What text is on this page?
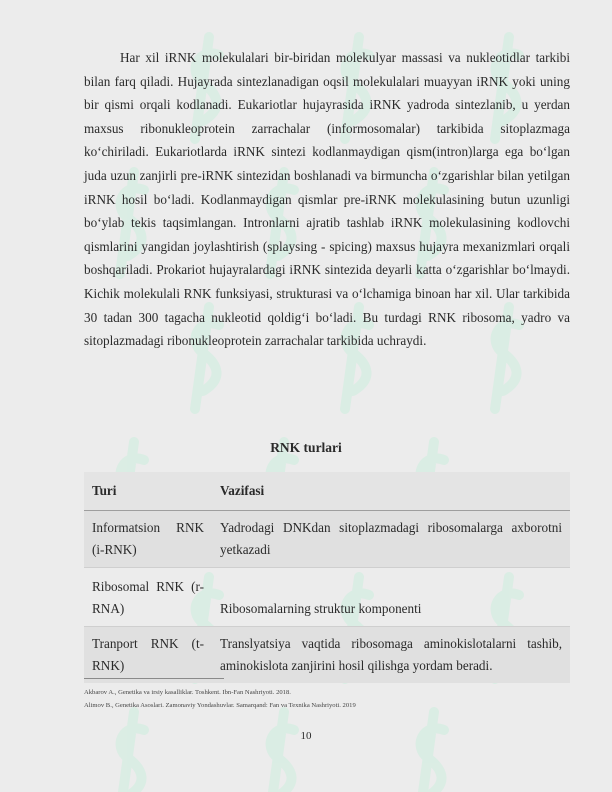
Har xil iRNK molekulalari bir-biridan molekulyar massasi va nukleotidlar tarkibi bilan farq qiladi. Hujayrada sintezlanadigan oqsil molekulalari muayyan iRNK yoki uning bir qismi orqali kodlanadi. Eukariotlar hujayrasida iRNK yadroda sintezlanib, u yerdan maxsus ribonukleoprotein zarrachalar (informosomalar) tarkibida sitoplazmaga ko‘chiriladi. Eukariotlarda iRNK sintezi kodlanmaydigan qism(intron)larga ega bo‘lgan juda uzun zanjirli pre-iRNK sintezidan boshlanadi va birmuncha o‘zgarishlar bilan yetilgan iRNK hosil bo‘ladi. Kodlanmaydigan qismlar pre-iRNK molekulasining butun uzunligi bo‘ylab tekis taqsimlangan. Intronlarni ajratib tashlab iRNK molekulasining kodlovchi qismlarini yangidan joylashtirish (splaysing - spicing) maxsus hujayra mexanizmlari orqali boshqariladi. Prokariot hujayralardagi iRNK sintezida deyarli katta o‘zgarishlar bo‘lmaydi. Kichik molekulali RNK funksiyasi, strukturasi va o‘lchamiga binoan har xil. Ular tarkibida 30 tadan 300 tagacha nukleotid qoldig‘i bo‘ladi. Bu turdagi RNK ribosoma, yadro va sitoplazmadagi ribonukleoprotein zarrachalar tarkibida uchraydi.

RNK turlari

Turi	Vazifasi
Informatsion RNK (i-RNK)	Yadrodagi DNKdan sitoplazmadagi ribosomalarga axborotni yetkazadi
Ribosomal RNK (r-RNA)	Ribosomalarning struktur komponenti
Tranport RNK (t-RNK)	Translyatsiya vaqtida ribosomaga aminokislotalarni tashib, aminokislota zanjirini hosil qilishga yordam beradi.
Akbarov A., Genetika va irsiy kasalliklar. Toshkent. Ibn-Fan Nashriyoti. 2018.
Alimov B., Genetika Asoslari. Zamonaviy Yondashuvlar. Samarqand: Fan va Texnika Nashriyoti. 2019
10
